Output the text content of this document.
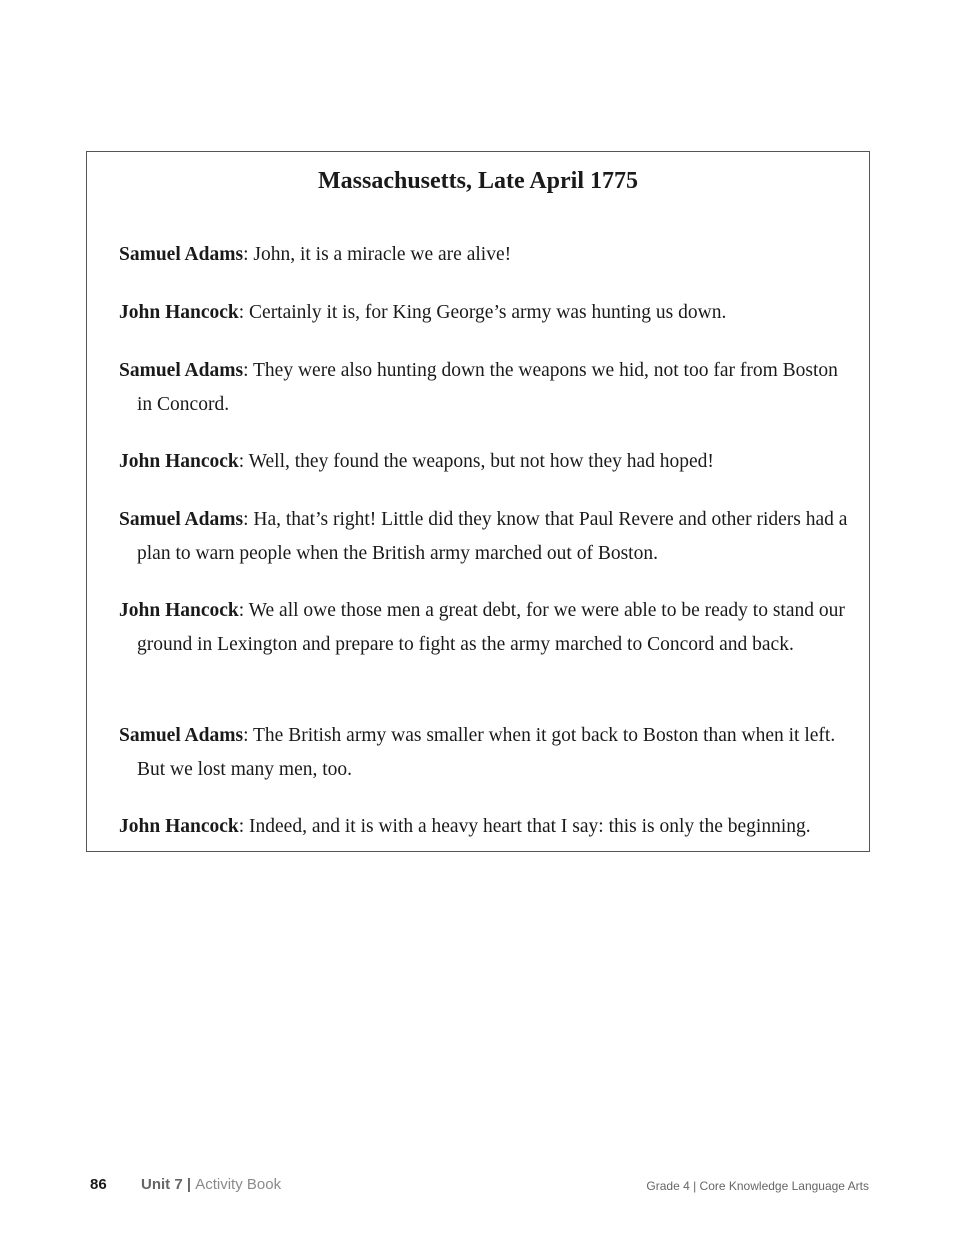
Massachusetts, Late April 1775

Samuel Adams: John, it is a miracle we are alive!

John Hancock: Certainly it is, for King George’s army was hunting us down.

Samuel Adams: They were also hunting down the weapons we hid, not too far from Boston in Concord.

John Hancock: Well, they found the weapons, but not how they had hoped!

Samuel Adams: Ha, that’s right! Little did they know that Paul Revere and other riders had a plan to warn people when the British army marched out of Boston.

John Hancock: We all owe those men a great debt, for we were able to be ready to stand our ground in Lexington and prepare to fight as the army marched to Concord and back.

Samuel Adams: The British army was smaller when it got back to Boston than when it left. But we lost many men, too.

John Hancock: Indeed, and it is with a heavy heart that I say: this is only the beginning.

86 Unit 7 | Activity Book	Grade 4 | Core Knowledge Language Arts
